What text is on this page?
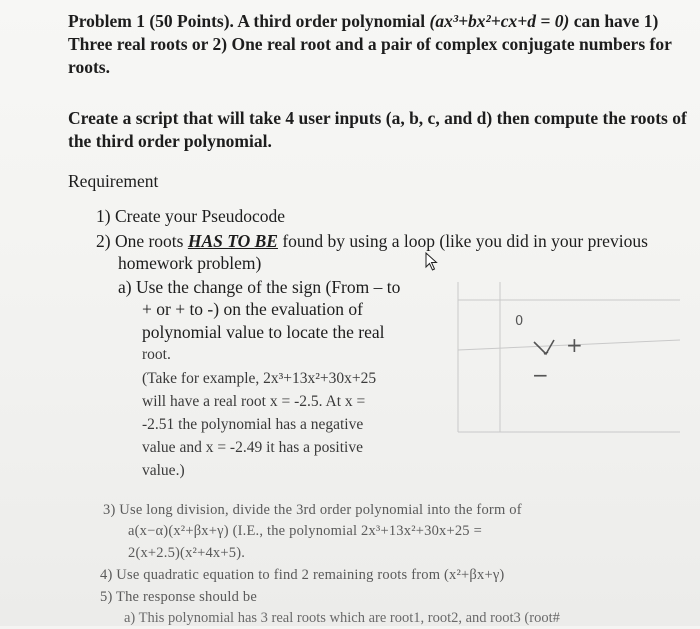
Problem 1 (50 Points). A third order polynomial (ax³+bx²+cx+d = 0) can have 1)
Three real roots or 2) One real root and a pair of complex conjugate numbers for
roots.
Create a script that will take 4 user inputs (a, b, c, and d) then compute the roots of
the third order polynomial.
Requirement
1) Create your Pseudocode
2) One roots HAS TO BE found by using a loop (like you did in your previous
homework problem)
a) Use the change of the sign (From – to
+ or + to -) on the evaluation of
polynomial value to locate the real
root.
(Take for example, 2x³+13x²+30x+25
will have a real root x = -2.5. At x =
-2.51 the polynomial has a negative
value and x = -2.49 it has a positive
value.)
0
−
+
3) Use long division, divide the 3rd order polynomial into the form of
a(x−α)(x²+βx+γ) (I.E., the polynomial 2x³+13x²+30x+25 =
2(x+2.5)(x²+4x+5).
4) Use quadratic equation to find 2 remaining roots from (x²+βx+γ)
5) The response should be
a) This polynomial has 3 real roots which are root1, root2, and root3 (root#
